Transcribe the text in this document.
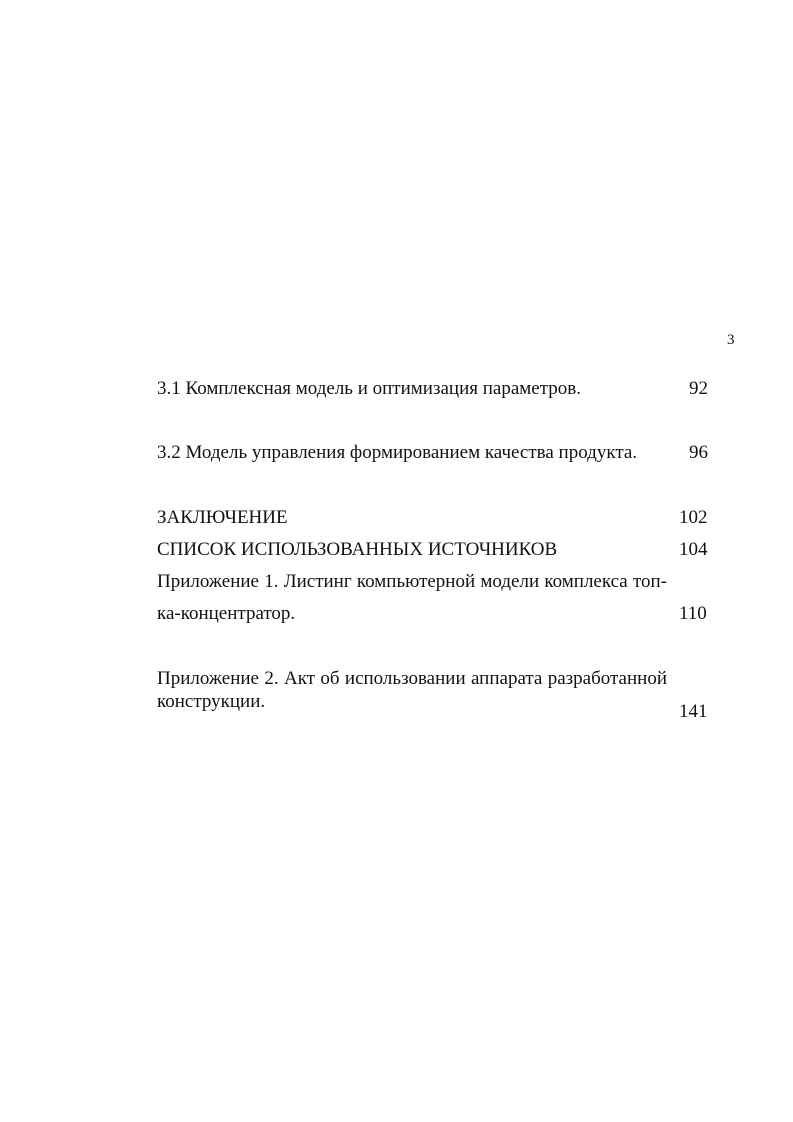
3
3.1 Комплексная модель и оптимизация параметров.	92
3.2 Модель управления формированием качества продукта.	96
ЗАКЛЮЧЕНИЕ	102
СПИСОК ИСПОЛЬЗОВАННЫХ ИСТОЧНИКОВ	104
Приложение 1. Листинг компьютерной модели комплекса топ-
ка-концентратор.	110
Приложение 2. Акт об использовании аппарата разработанной
конструкции.	141
